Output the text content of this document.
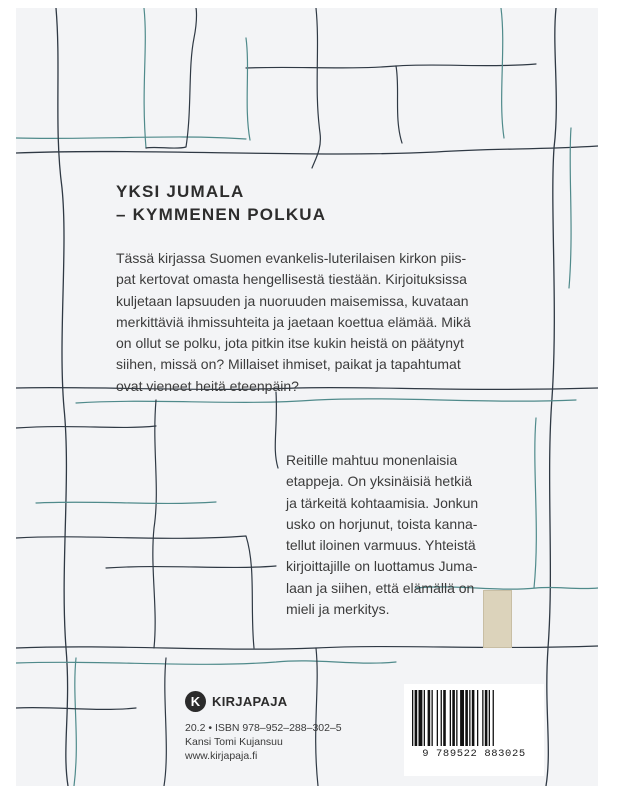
YKSI JUMALA
– KYMMENEN POLKUA
Tässä kirjassa Suomen evankelis-luterilaisen kirkon piis-
pat kertovat omasta hengellisestä tiestään. Kirjoituksissa
kuljetaan lapsuuden ja nuoruuden maisemissa, kuvataan
merkittäviä ihmissuhteita ja jaetaan koettua elämää. Mikä
on ollut se polku, jota pitkin itse kukin heistä on päätynyt
siihen, missä on? Millaiset ihmiset, paikat ja tapahtumat
ovat vieneet heitä eteenpäin?
Reitille mahtuu monenlaisia
etappeja. On yksinäisiä hetkiä
ja tärkeitä kohtaamisia. Jonkun
usko on horjunut, toista kanna-
tellut iloinen varmuus. Yhteistä
kirjoittajille on luottamus Juma-
laan ja siihen, että elämällä on
mieli ja merkitys.
K KIRJAPAJA
20.2 • ISBN 978–952–288–302–5
Kansi Tomi Kujansuu
www.kirjapaja.fi	9 789522 883025
